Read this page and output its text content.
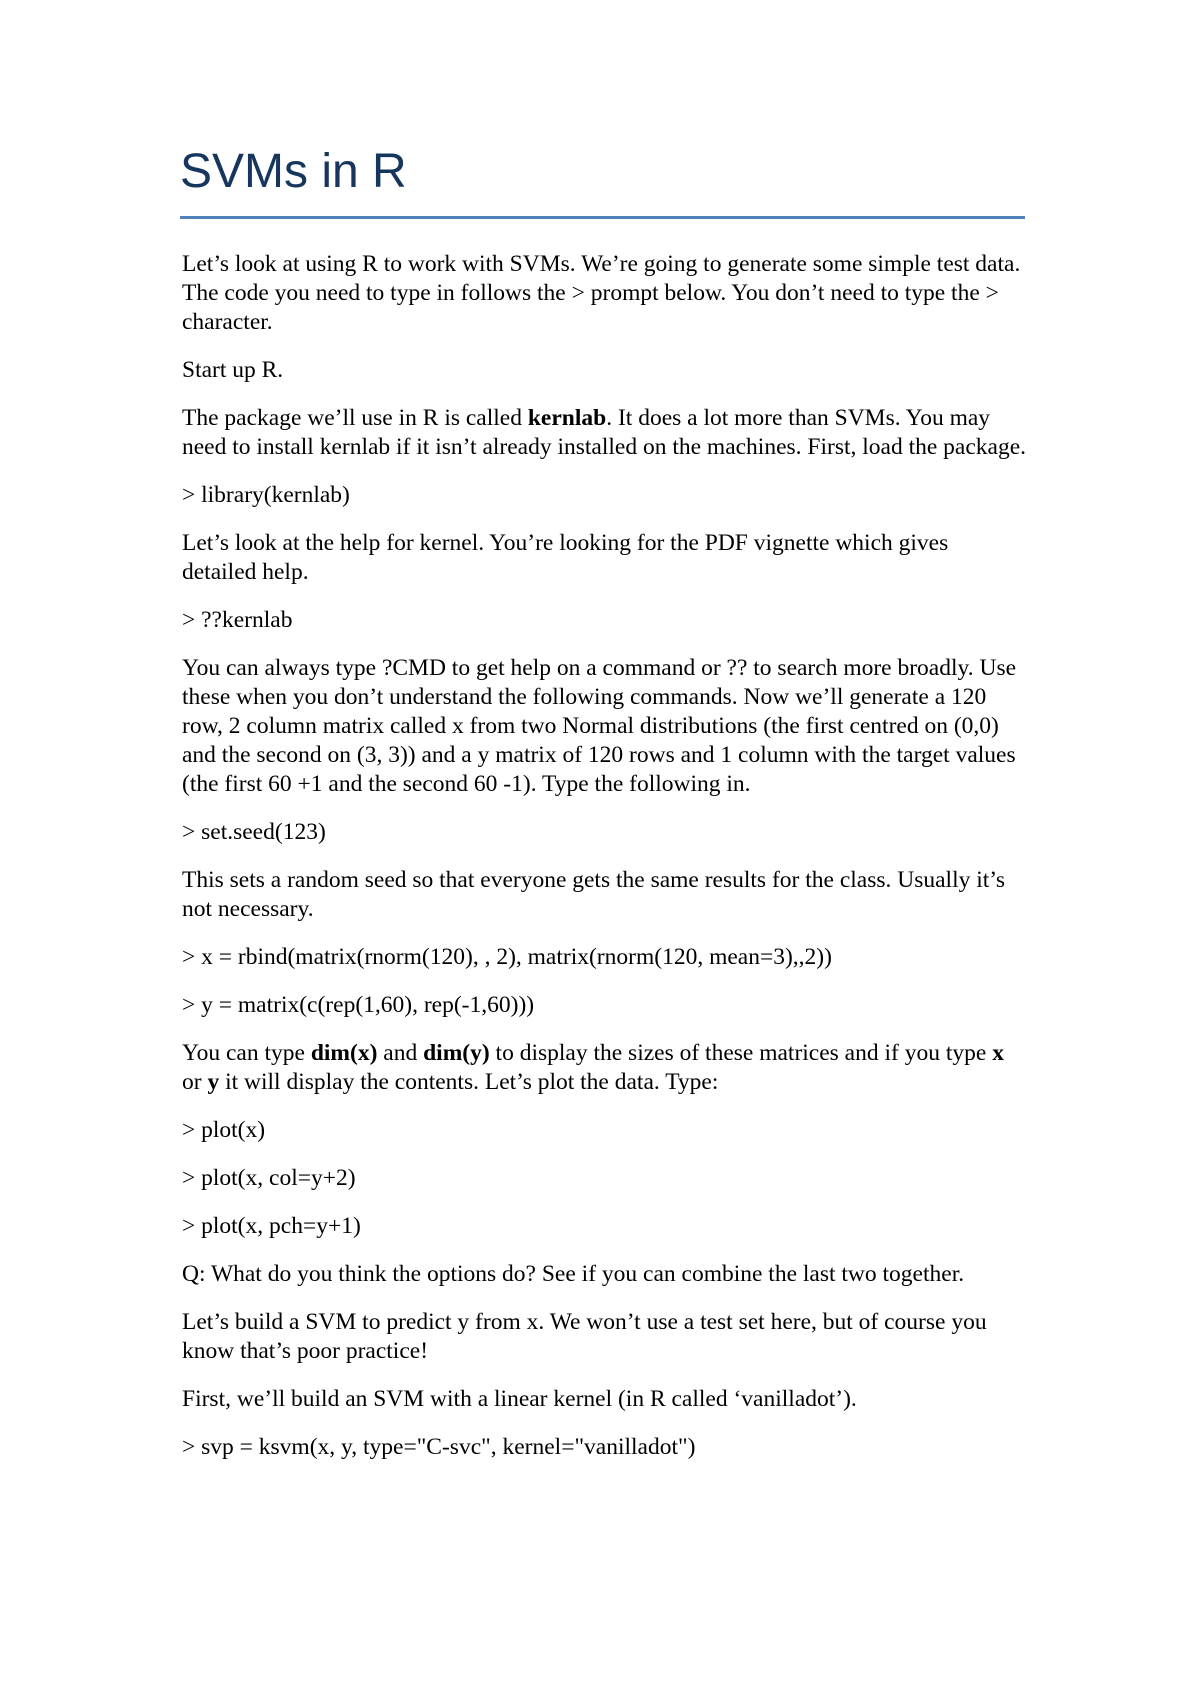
SVMs in R

Let’s look at using R to work with SVMs. We’re going to generate some simple test data. The code you need to type in follows the > prompt below. You don’t need to type the > character.

Start up R.

The package we’ll use in R is called kernlab. It does a lot more than SVMs. You may need to install kernlab if it isn’t already installed on the machines. First, load the package.

> library(kernlab)

Let’s look at the help for kernel. You’re looking for the PDF vignette which gives detailed help.

> ??kernlab

You can always type ?CMD to get help on a command or ?? to search more broadly. Use these when you don’t understand the following commands. Now we’ll generate a 120 row, 2 column matrix called x from two Normal distributions (the first centred on (0,0) and the second on (3, 3)) and a y matrix of 120 rows and 1 column with the target values (the first 60 +1 and the second 60 -1). Type the following in.

> set.seed(123)

This sets a random seed so that everyone gets the same results for the class. Usually it’s not necessary.

> x = rbind(matrix(rnorm(120), , 2), matrix(rnorm(120, mean=3),,2))

> y = matrix(c(rep(1,60), rep(-1,60)))

You can type dim(x) and dim(y) to display the sizes of these matrices and if you type x or y it will display the contents. Let’s plot the data. Type:

> plot(x)

> plot(x, col=y+2)

> plot(x, pch=y+1)

Q: What do you think the options do? See if you can combine the last two together.

Let’s build a SVM to predict y from x. We won’t use a test set here, but of course you know that’s poor practice!

First, we’ll build an SVM with a linear kernel (in R called ‘vanilladot’).

> svp = ksvm(x, y, type="C-svc", kernel="vanilladot")
